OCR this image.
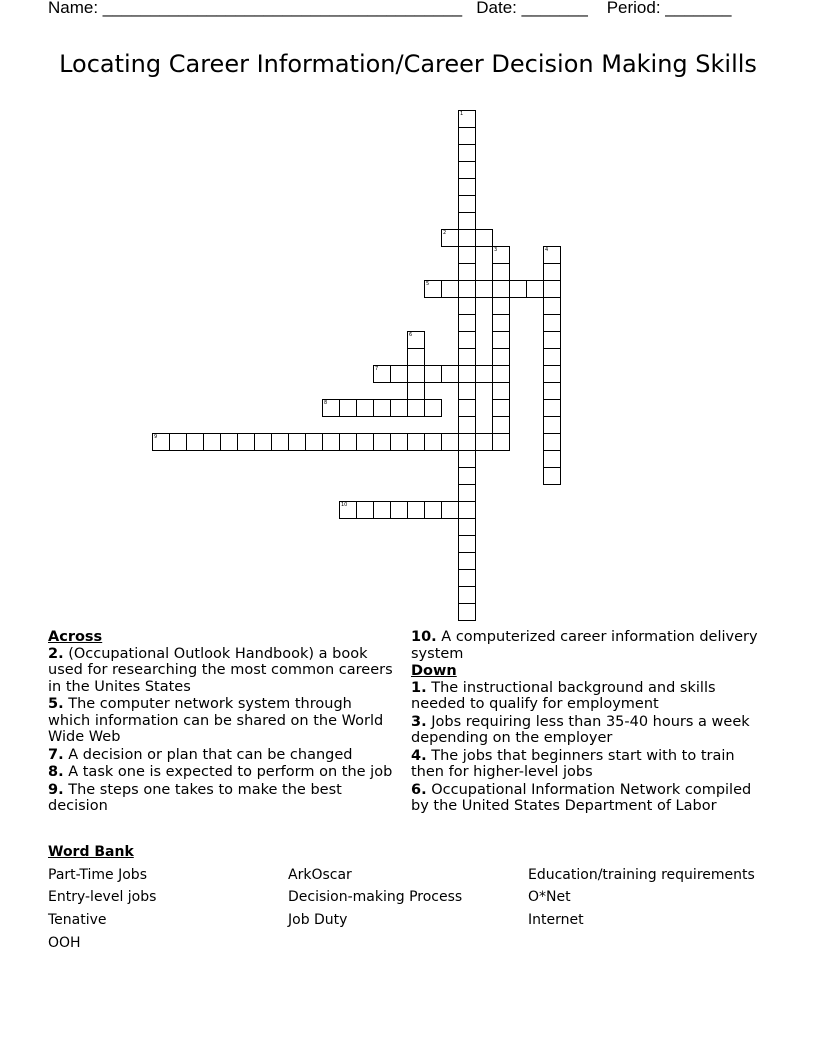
Name: ______________________________________ Date: _______ Period: _______
Locating Career Information/Career Decision Making Skills
1
2
3	4
5
6
7
8
9
10
Across
2. (Occupational Outlook Handbook) a book used for researching the most common careers in the Unites States
5. The computer network system through which information can be shared on the World Wide Web
7. A decision or plan that can be changed
8. A task one is expected to perform on the job
9. The steps one takes to make the best decision
10. A computerized career information delivery system
Down
1. The instructional background and skills needed to qualify for employment
3. Jobs requiring less than 35-40 hours a week depending on the employer
4. The jobs that beginners start with to train then for higher-level jobs
6. Occupational Information Network compiled by the United States Department of Labor
Word Bank
Part-Time Jobs	ArkOscar	Education/training requirements
Entry-level jobs	Decision-making Process	O*Net
Tenative	Job Duty	Internet
OOH
